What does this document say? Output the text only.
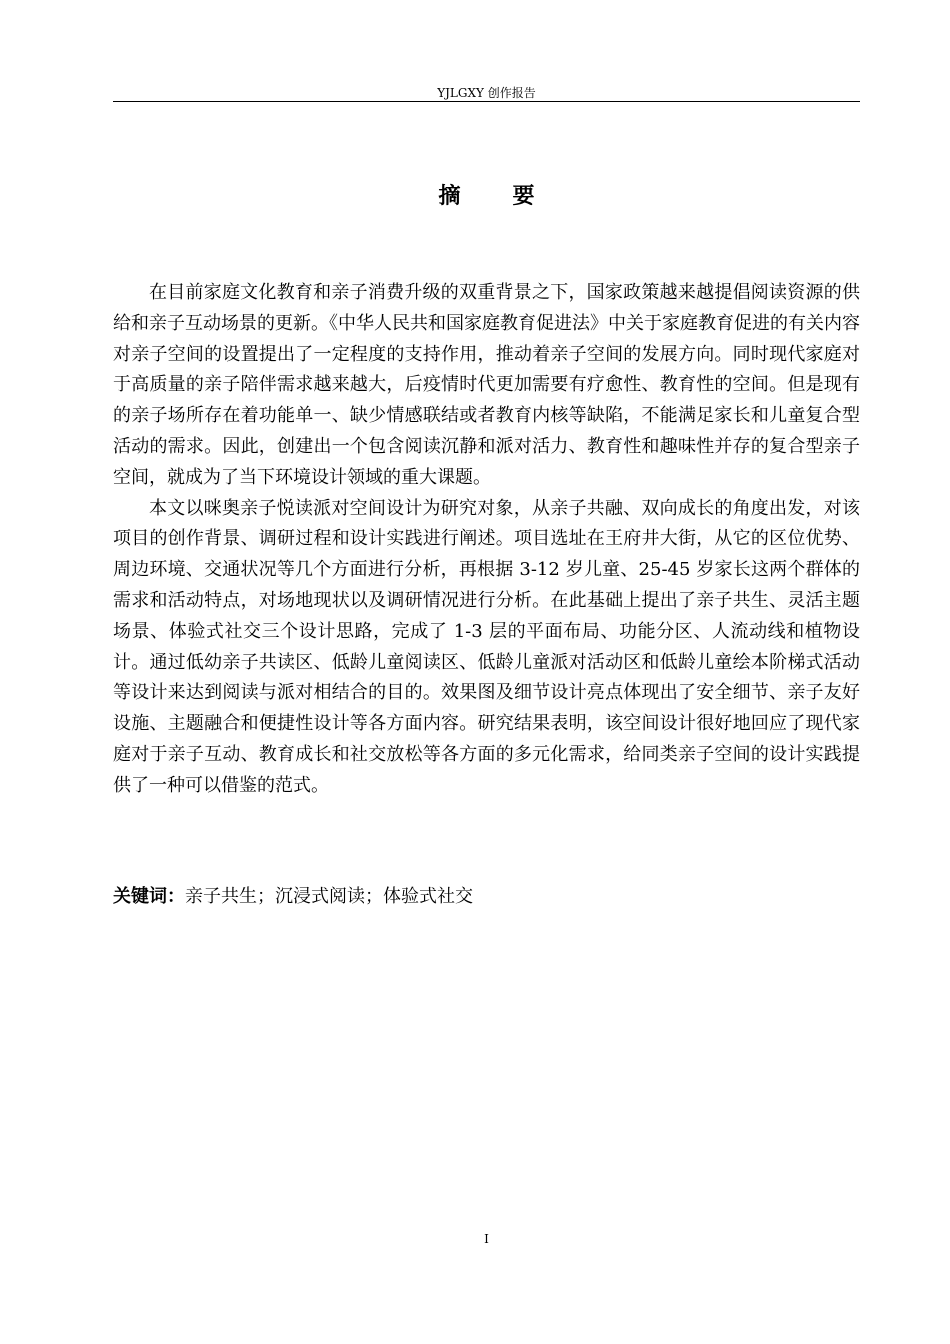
YJLGXY 创作报告
摘要

在目前家庭文化教育和亲子消费升级的双重背景之下，国家政策越来越提倡阅读资源的供给和亲子互动场景的更新。《中华人民共和国家庭教育促进法》中关于家庭教育促进的有关内容对亲子空间的设置提出了一定程度的支持作用，推动着亲子空间的发展方向。同时现代家庭对于高质量的亲子陪伴需求越来越大，后疫情时代更加需要有疗愈性、教育性的空间。但是现有的亲子场所存在着功能单一、缺少情感联结或者教育内核等缺陷，不能满足家长和儿童复合型活动的需求。因此，创建出一个包含阅读沉静和派对活力、教育性和趣味性并存的复合型亲子空间，就成为了当下环境设计领域的重大课题。

本文以咪奥亲子悦读派对空间设计为研究对象，从亲子共融、双向成长的角度出发，对该项目的创作背景、调研过程和设计实践进行阐述。项目选址在王府井大街，从它的区位优势、周边环境、交通状况等几个方面进行分析，再根据 3-12 岁儿童、25-45 岁家长这两个群体的需求和活动特点，对场地现状以及调研情况进行分析。在此基础上提出了亲子共生、灵活主题场景、体验式社交三个设计思路，完成了 1-3 层的平面布局、功能分区、人流动线和植物设计。通过低幼亲子共读区、低龄儿童阅读区、低龄儿童派对活动区和低龄儿童绘本阶梯式活动等设计来达到阅读与派对相结合的目的。效果图及细节设计亮点体现出了安全细节、亲子友好设施、主题融合和便捷性设计等各方面内容。研究结果表明，该空间设计很好地回应了现代家庭对于亲子互动、教育成长和社交放松等各方面的多元化需求，给同类亲子空间的设计实践提供了一种可以借鉴的范式。

关键词：亲子共生；沉浸式阅读；体验式社交
I
